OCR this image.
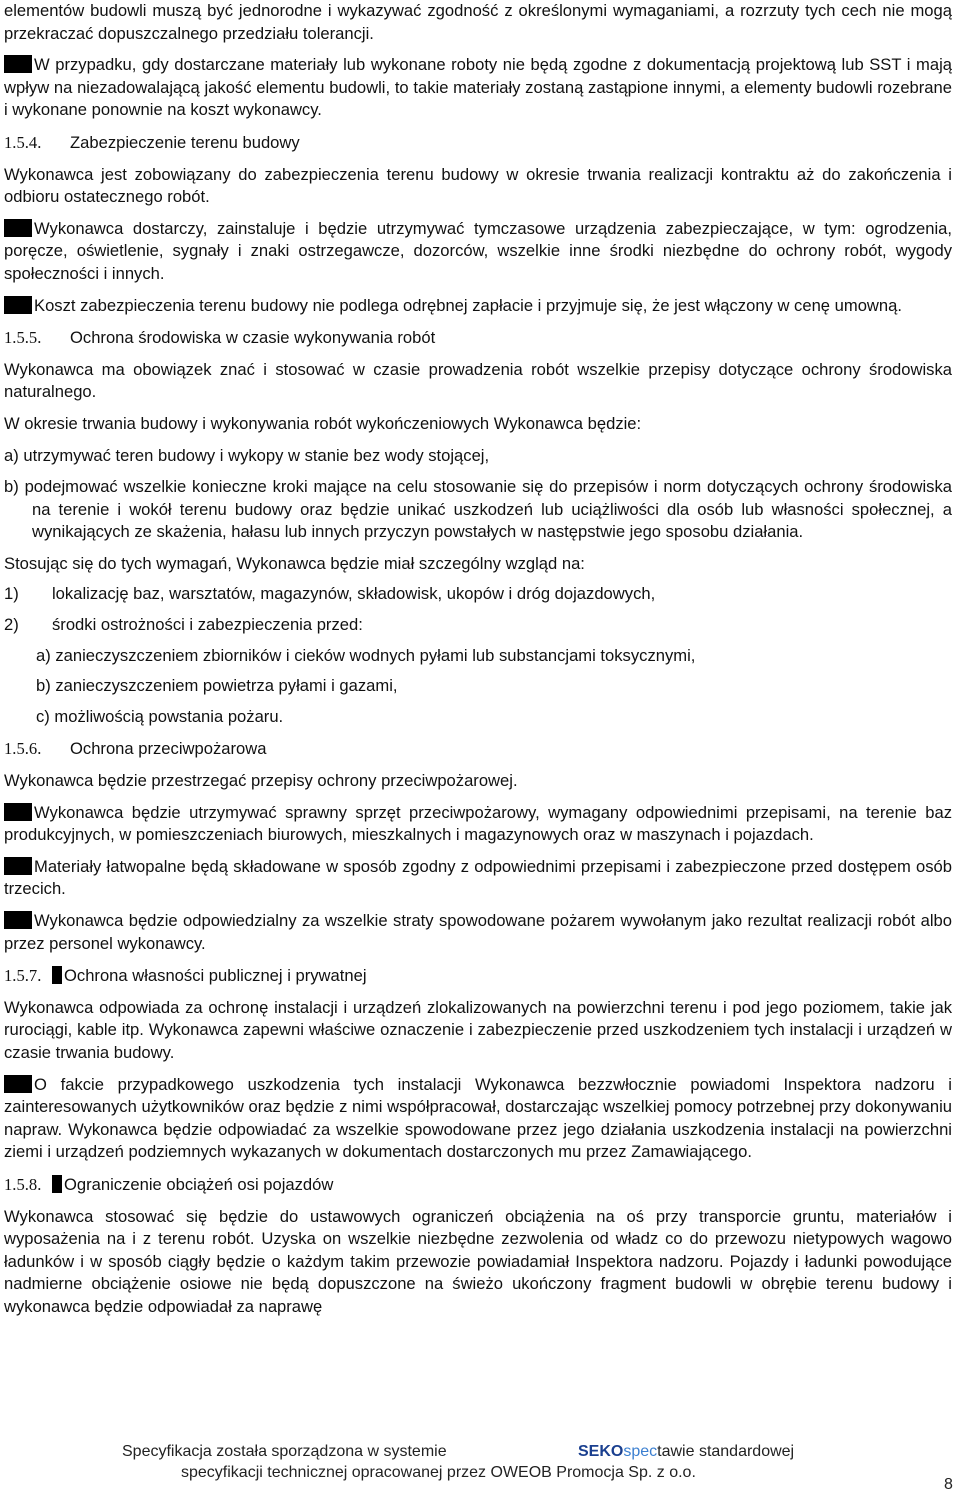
elementów budowli muszą być jednorodne i wykazywać zgodność z określonymi wymaganiami, a rozrzuty tych cech nie mogą przekraczać dopuszczalnego przedziału tolerancji.

W przypadku, gdy dostarczane materiały lub wykonane roboty nie będą zgodne z dokumentacją projektową lub SST i mają wpływ na niezadowalającą jakość elementu budowli, to takie materiały zostaną zastąpione innymi, a elementy budowli rozebrane i wykonane ponownie na koszt wykonawcy.

1.5.4. Zabezpieczenie terenu budowy

Wykonawca jest zobowiązany do zabezpieczenia terenu budowy w okresie trwania realizacji kontraktu aż do zakończenia i odbioru ostatecznego robót.

Wykonawca dostarczy, zainstaluje i będzie utrzymywać tymczasowe urządzenia zabezpieczające, w tym: ogrodzenia, poręcze, oświetlenie, sygnały i znaki ostrzegawcze, dozorców, wszelkie inne środki niezbędne do ochrony robót, wygody społeczności i innych.

Koszt zabezpieczenia terenu budowy nie podlega odrębnej zapłacie i przyjmuje się, że jest włączony w cenę umowną.

1.5.5. Ochrona środowiska w czasie wykonywania robót

Wykonawca ma obowiązek znać i stosować w czasie prowadzenia robót wszelkie przepisy dotyczące ochrony środowiska naturalnego.

W okresie trwania budowy i wykonywania robót wykończeniowych Wykonawca będzie:

a) utrzymywać teren budowy i wykopy w stanie bez wody stojącej,

b) podejmować wszelkie konieczne kroki mające na celu stosowanie się do przepisów i norm dotyczących ochrony środowiska na terenie i wokół terenu budowy oraz będzie unikać uszkodzeń lub uciążliwości dla osób lub własności społecznej, a wynikających ze skażenia, hałasu lub innych przyczyn powstałych w następstwie jego sposobu działania.

Stosując się do tych wymagań, Wykonawca będzie miał szczególny wzgląd na:

1)	lokalizację baz, warsztatów, magazynów, składowisk, ukopów i dróg dojazdowych,
2)	środki ostrożności i zabezpieczenia przed:

a) zanieczyszczeniem zbiorników i cieków wodnych pyłami lub substancjami toksycznymi,

b) zanieczyszczeniem powietrza pyłami i gazami,

c) możliwością powstania pożaru.

1.5.6. Ochrona przeciwpożarowa

Wykonawca będzie przestrzegać przepisy ochrony przeciwpożarowej.

Wykonawca będzie utrzymywać sprawny sprzęt przeciwpożarowy, wymagany odpowiednimi przepisami, na terenie baz produkcyjnych, w pomieszczeniach biurowych, mieszkalnych i magazynowych oraz w maszynach i pojazdach.

Materiały łatwopalne będą składowane w sposób zgodny z odpowiednimi przepisami i zabezpieczone przed dostępem osób trzecich.

Wykonawca będzie odpowiedzialny za wszelkie straty spowodowane pożarem wywołanym jako rezultat realizacji robót albo przez personel wykonawcy.

1.5.7. Ochrona własności publicznej i prywatnej

Wykonawca odpowiada za ochronę instalacji i urządzeń zlokalizowanych na powierzchni terenu i pod jego poziomem, takie jak rurociągi, kable itp. Wykonawca zapewni właściwe oznaczenie i zabezpieczenie przed uszkodzeniem tych instalacji i urządzeń w czasie trwania budowy.

O fakcie przypadkowego uszkodzenia tych instalacji Wykonawca bezzwłocznie powiadomi Inspektora nadzoru i zainteresowanych użytkowników oraz będzie z nimi współpracował, dostarczając wszelkiej pomocy potrzebnej przy dokonywaniu napraw. Wykonawca będzie odpowiadać za wszelkie spowodowane przez jego działania uszkodzenia instalacji na powierzchni ziemi i urządzeń podziemnych wykazanych w dokumentach dostarczonych mu przez Zamawiającego.

1.5.8. Ograniczenie obciążeń osi pojazdów

Wykonawca stosować się będzie do ustawowych ograniczeń obciążenia na oś przy transporcie gruntu, materiałów i wyposażenia na i z terenu robót. Uzyska on wszelkie niezbędne zezwolenia od władz co do przewozu nietypowych wagowo ładunków i w sposób ciągły będzie o każdym takim przewozie powiadamiał Inspektora nadzoru. Pojazdy i ładunki powodujące nadmierne obciążenie osiowe nie będą dopuszczone na świeżo ukończony fragment budowli w obrębie terenu budowy i wykonawca będzie odpowiadał za naprawę

Specyfikacja została sporządzona w systemie	SEKOspectawie standardowej
specyfikacji technicznej opracowanej przez OWEOB Promocja Sp. z o.o.
8
